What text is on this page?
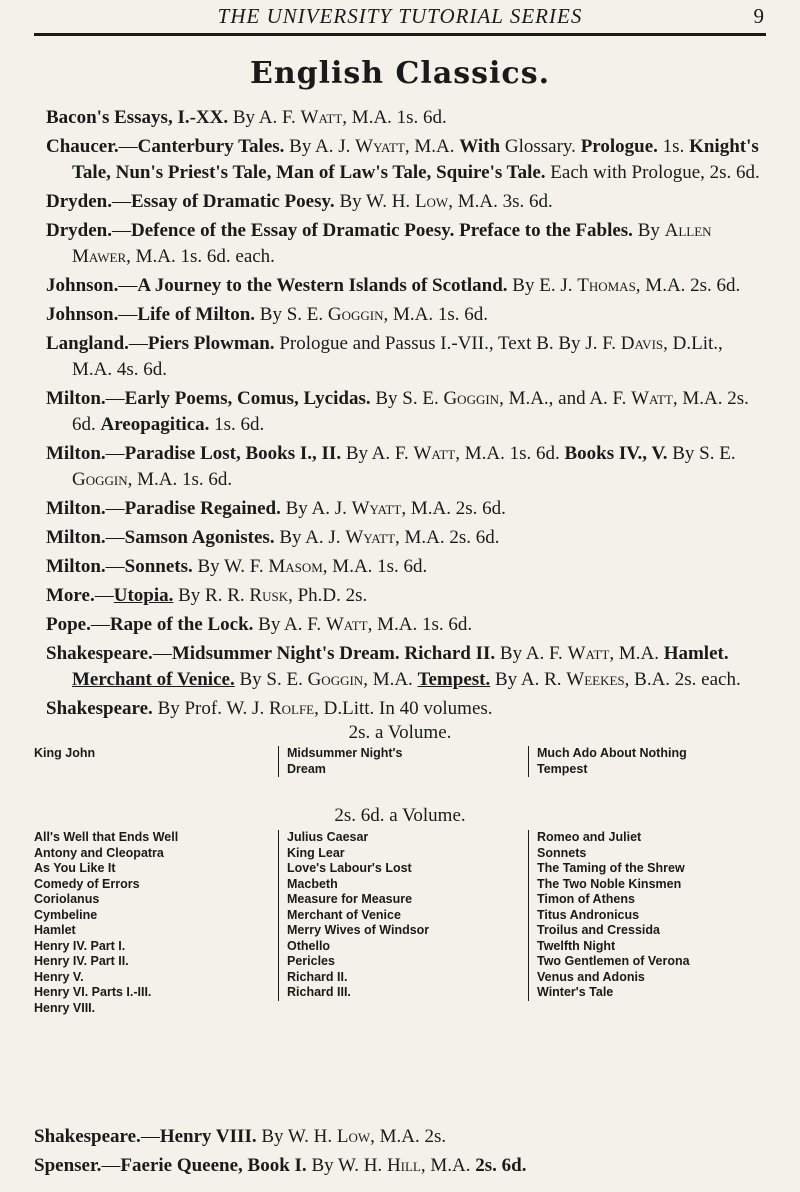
THE UNIVERSITY TUTORIAL SERIES	9
English Classics.
Bacon's Essays, I.-XX. By A. F. Watt, M.A. 1s. 6d.
Chaucer.—Canterbury Tales. By A. J. Wyatt, M.A. With Glossary. Prologue. 1s. Knight's Tale, Nun's Priest's Tale, Man of Law's Tale, Squire's Tale. Each with Prologue, 2s. 6d.
Dryden.—Essay of Dramatic Poesy. By W. H. Low, M.A. 3s. 6d.
Dryden.—Defence of the Essay of Dramatic Poesy. Preface to the Fables. By Allen Mawer, M.A. 1s. 6d. each.
Johnson.—A Journey to the Western Islands of Scotland. By E. J. Thomas, M.A. 2s. 6d.
Johnson.—Life of Milton. By S. E. Goggin, M.A. 1s. 6d.
Langland.—Piers Plowman. Prologue and Passus I.-VII., Text B. By J. F. Davis, D.Lit., M.A. 4s. 6d.
Milton.—Early Poems, Comus, Lycidas. By S. E. Goggin, M.A., and A. F. Watt, M.A. 2s. 6d. Areopagitica. 1s. 6d.
Milton.—Paradise Lost, Books I., II. By A. F. Watt, M.A. 1s. 6d. Books IV., V. By S. E. Goggin, M.A. 1s. 6d.
Milton.—Paradise Regained. By A. J. Wyatt, M.A. 2s. 6d.
Milton.—Samson Agonistes. By A. J. Wyatt, M.A. 2s. 6d.
Milton.—Sonnets. By W. F. Masom, M.A. 1s. 6d.
More.—Utopia. By R. R. Rusk, Ph.D. 2s.
Pope.—Rape of the Lock. By A. F. Watt, M.A. 1s. 6d.
Shakespeare.—Midsummer Night's Dream. Richard II. By A. F. Watt, M.A. Hamlet. Merchant of Venice. By S. E. Goggin, M.A. Tempest. By A. R. Weekes, B.A. 2s. each.
Shakespeare. By Prof. W. J. Rolfe, D.Litt. In 40 volumes.
2s. a Volume.
King John	Midsummer Night's
Dream
Much Ado About Nothing
Tempest
2s. 6d. a Volume.
All's Well that Ends Well
Antony and Cleopatra
As You Like It
Comedy of Errors
Coriolanus
Cymbeline
Hamlet
Henry IV. Part I.
Henry IV. Part II.
Henry V.
Henry VI. Parts I.-III.
Henry VIII.
Julius Caesar
King Lear
Love's Labour's Lost
Macbeth
Measure for Measure
Merchant of Venice
Merry Wives of Windsor
Othello
Pericles
Richard II.
Richard III.
Romeo and Juliet
Sonnets
The Taming of the Shrew
The Two Noble Kinsmen
Timon of Athens
Titus Andronicus
Troilus and Cressida
Twelfth Night
Two Gentlemen of Verona
Venus and Adonis
Winter's Tale
Shakespeare.—Henry VIII. By W. H. Low, M.A. 2s.
Spenser.—Faerie Queene, Book I. By W. H. Hill, M.A. 2s. 6d.
